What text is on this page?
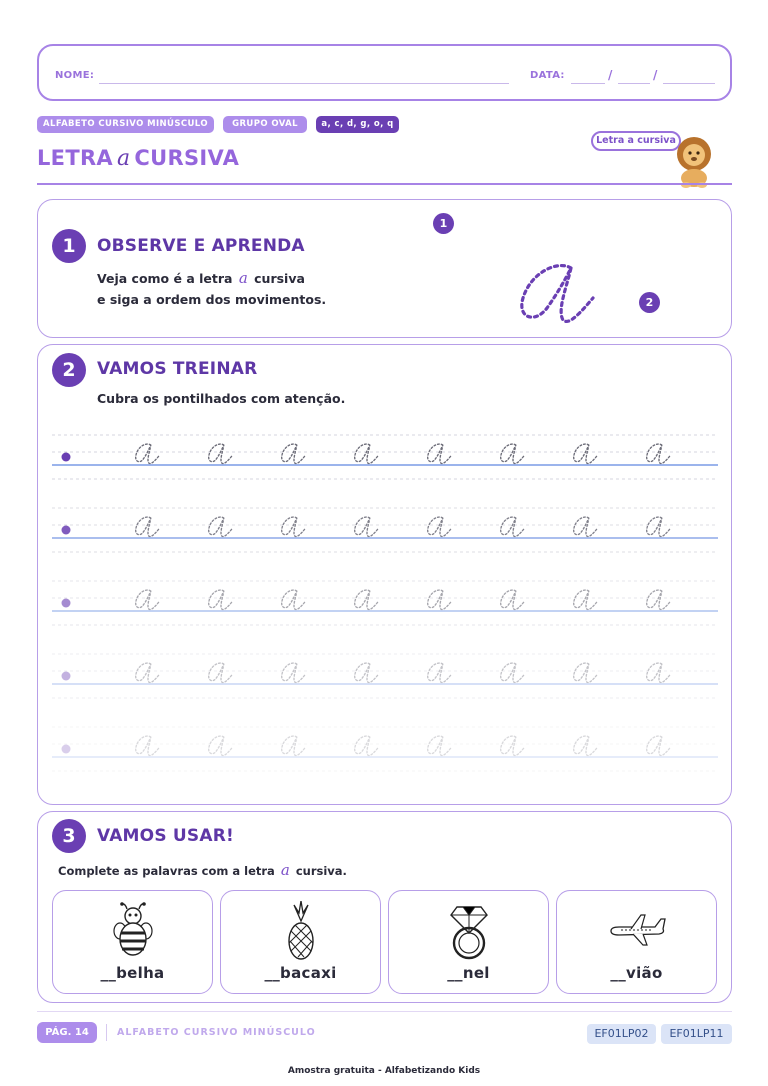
NOME:	DATA:	/	/
ALFABETO CURSIVO MINÚSCULO	GRUPO OVAL	a, c, d, g, o, q
LETRA a CURSIVA
Letra a cursiva
1	OBSERVE E APRENDA
Veja como é a letra a cursiva
e siga a ordem dos movimentos.
1
2
2	VAMOS TREINAR
Cubra os pontilhados com atenção.
3	VAMOS USAR!
Complete as palavras com a letra a cursiva.
__belha	__bacaxi	__nel	__vião
PÁG. 14	ALFABETO CURSIVO MINÚSCULO	EF01LP02	EF01LP11
Amostra gratuita - Alfabetizando Kids
